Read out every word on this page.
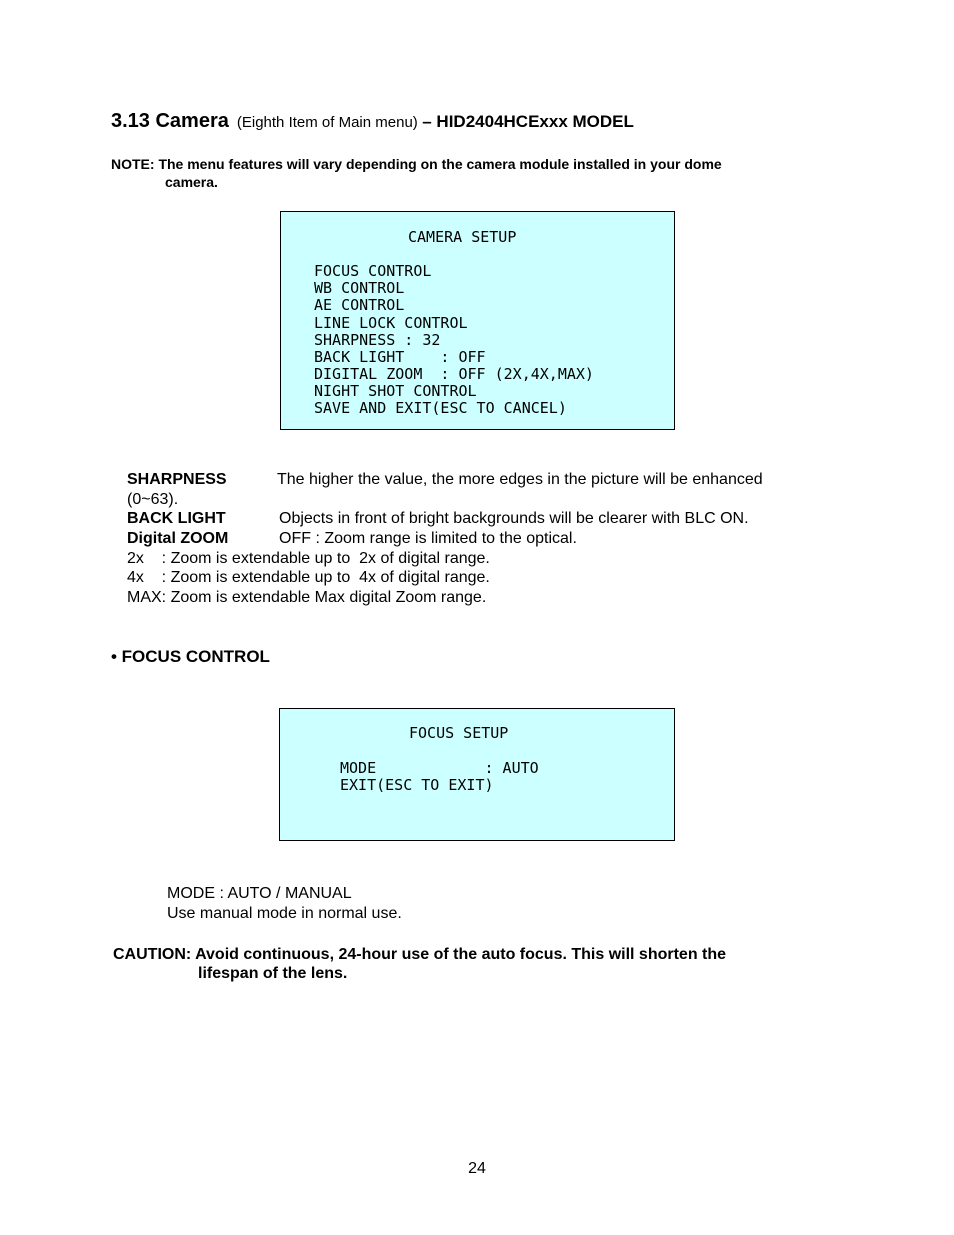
3.13 Camera (Eighth Item of Main menu) – HID2404HCExxx MODEL
NOTE: The menu features will vary depending on the camera module installed in your dome
camera.
CAMERA SETUP
FOCUS CONTROL
WB CONTROL
AE CONTROL
LINE LOCK CONTROL
SHARPNESS : 32
BACK LIGHT    : OFF
DIGITAL ZOOM  : OFF (2X,4X,MAX)
NIGHT SHOT CONTROL
SAVE AND EXIT(ESC TO CANCEL)
SHARPNESS	The higher the value, the more edges in the picture will be enhanced
(0~63).
BACK LIGHT	Objects in front of bright backgrounds will be clearer with BLC ON.
Digital ZOOM	OFF : Zoom range is limited to the optical.
2x    : Zoom is extendable up to  2x of digital range.
4x    : Zoom is extendable up to  4x of digital range.
MAX: Zoom is extendable Max digital Zoom range.
• FOCUS CONTROL
FOCUS SETUP
MODE            : AUTO
EXIT(ESC TO EXIT)
MODE : AUTO / MANUAL
Use manual mode in normal use.
CAUTION: Avoid continuous, 24-hour use of the auto focus. This will shorten the
lifespan of the lens.
24
